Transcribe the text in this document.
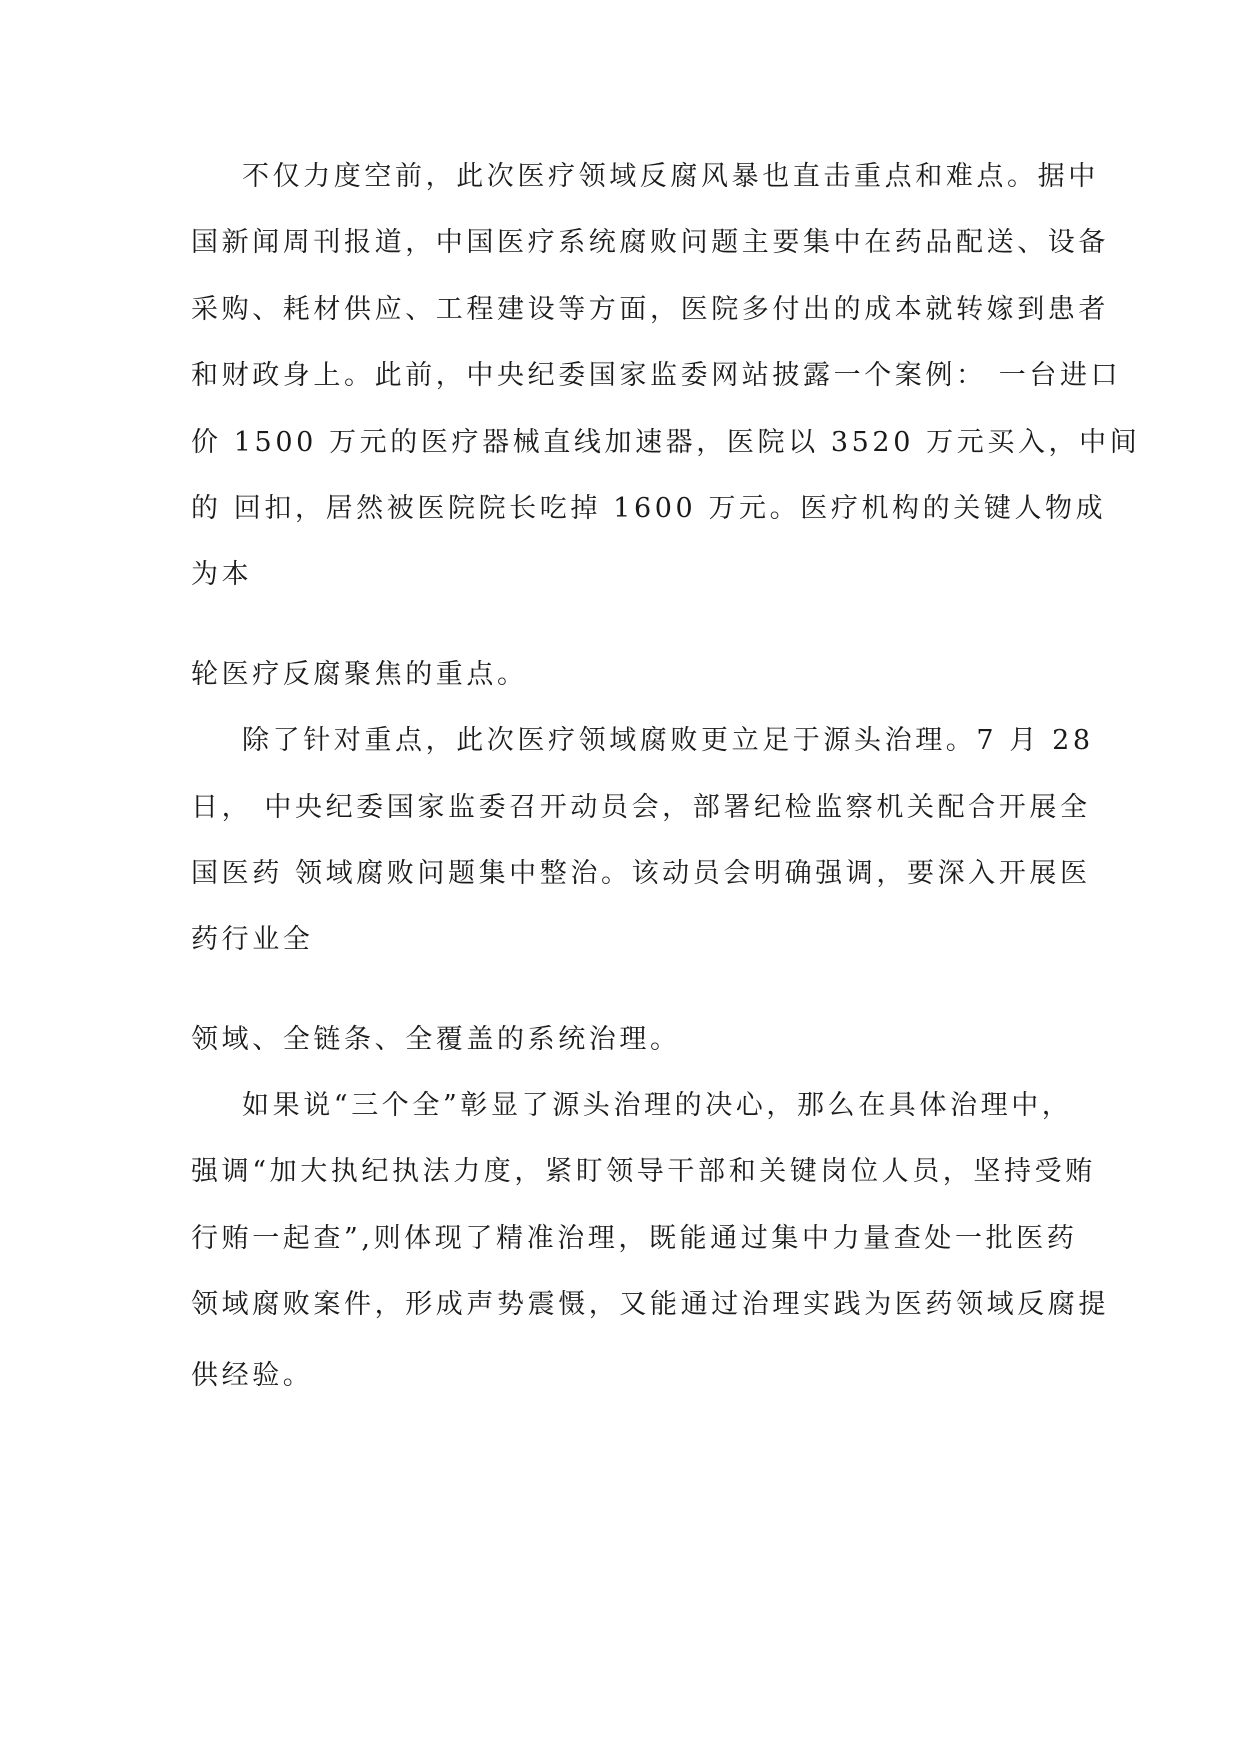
不仅力度空前，此次医疗领域反腐风暴也直击重点和难点。据中
国新闻周刊报道，中国医疗系统腐败问题主要集中在药品配送、设备
采购、耗材供应、工程建设等方面，医院多付出的成本就转嫁到患者
和财政身上。此前，中央纪委国家监委网站披露一个案例： 一台进口
价 1500 万元的医疗器械直线加速器，医院以 3520 万元买入，中间
的 回扣，居然被医院院长吃掉 1600 万元。医疗机构的关键人物成
为本
轮医疗反腐聚焦的重点。
除了针对重点，此次医疗领域腐败更立足于源头治理。7 月 28
日， 中央纪委国家监委召开动员会，部署纪检监察机关配合开展全
国医药 领域腐败问题集中整治。该动员会明确强调，要深入开展医
药行业全
领域、全链条、全覆盖的系统治理。
如果说“三个全”彰显了源头治理的决心，那么在具体治理中，
强调“加大执纪执法力度，紧盯领导干部和关键岗位人员，坚持受贿
行贿一起查”,则体现了精准治理，既能通过集中力量查处一批医药
领域腐败案件，形成声势震慑，又能通过治理实践为医药领域反腐提
供经验。
